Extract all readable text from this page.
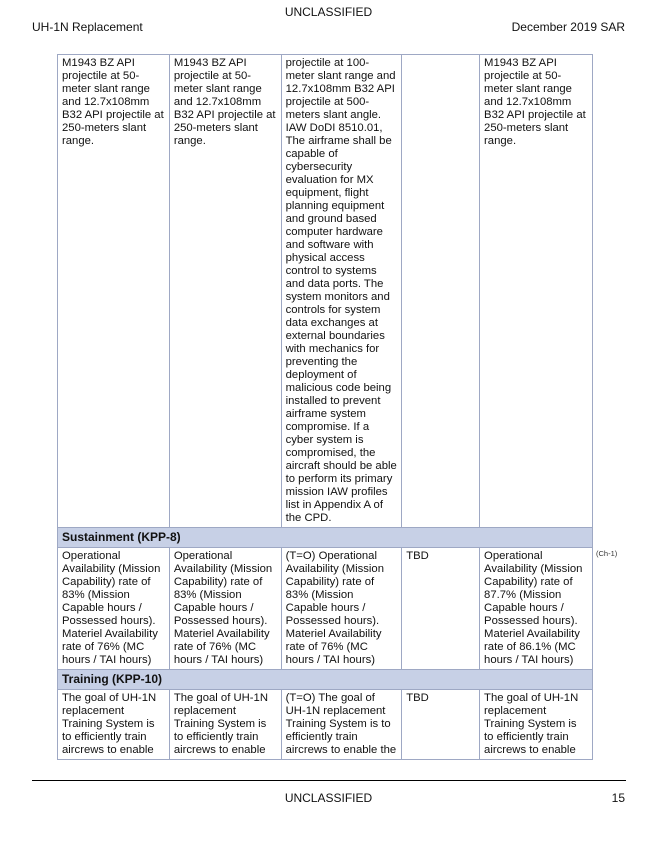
UNCLASSIFIED
UH-1N Replacement	December 2019 SAR
M1943 BZ API projectile at 50-meter slant range and 12.7x108mm B32 API projectile at 250-meters slant range.	M1943 BZ API projectile at 50-meter slant range and 12.7x108mm B32 API projectile at 250-meters slant range.	projectile at 100-meter slant range and 12.7x108mm B32 API projectile at 500-meters slant angle. IAW DoDI 8510.01, The airframe shall be capable of cybersecurity evaluation for MX equipment, flight planning equipment and ground based computer hardware and software with physical access control to systems and data ports. The system monitors and controls for system data exchanges at external boundaries with mechanics for preventing the deployment of malicious code being installed to prevent airframe system compromise. If a cyber system is compromised, the aircraft should be able to perform its primary mission IAW profiles list in Appendix A of the CPD.		M1943 BZ API projectile at 50-meter slant range and 12.7x108mm B32 API projectile at 250-meters slant range.
Sustainment (KPP-8)				
Operational Availability (Mission Capability) rate of 83% (Mission Capable hours / Possessed hours). Materiel Availability rate of 76% (MC hours / TAI hours)	Operational Availability (Mission Capability) rate of 83% (Mission Capable hours / Possessed hours). Materiel Availability rate of 76% (MC hours / TAI hours)	(T=O) Operational Availability (Mission Capability) rate of 83% (Mission Capable hours / Possessed hours). Materiel Availability rate of 76% (MC hours / TAI hours)	TBD	Operational Availability (Mission Capability) rate of 87.7% (Mission Capable hours / Possessed hours). Materiel Availability rate of 86.1% (MC hours / TAI hours)
Training (KPP-10)				
The goal of UH-1N replacement Training System is to efficiently train aircrews to enable	The goal of UH-1N replacement Training System is to efficiently train aircrews to enable	(T=O) The goal of UH-1N replacement Training System is to efficiently train aircrews to enable the	TBD	The goal of UH-1N replacement Training System is to efficiently train aircrews to enable
(Ch-1)
UNCLASSIFIED	15
